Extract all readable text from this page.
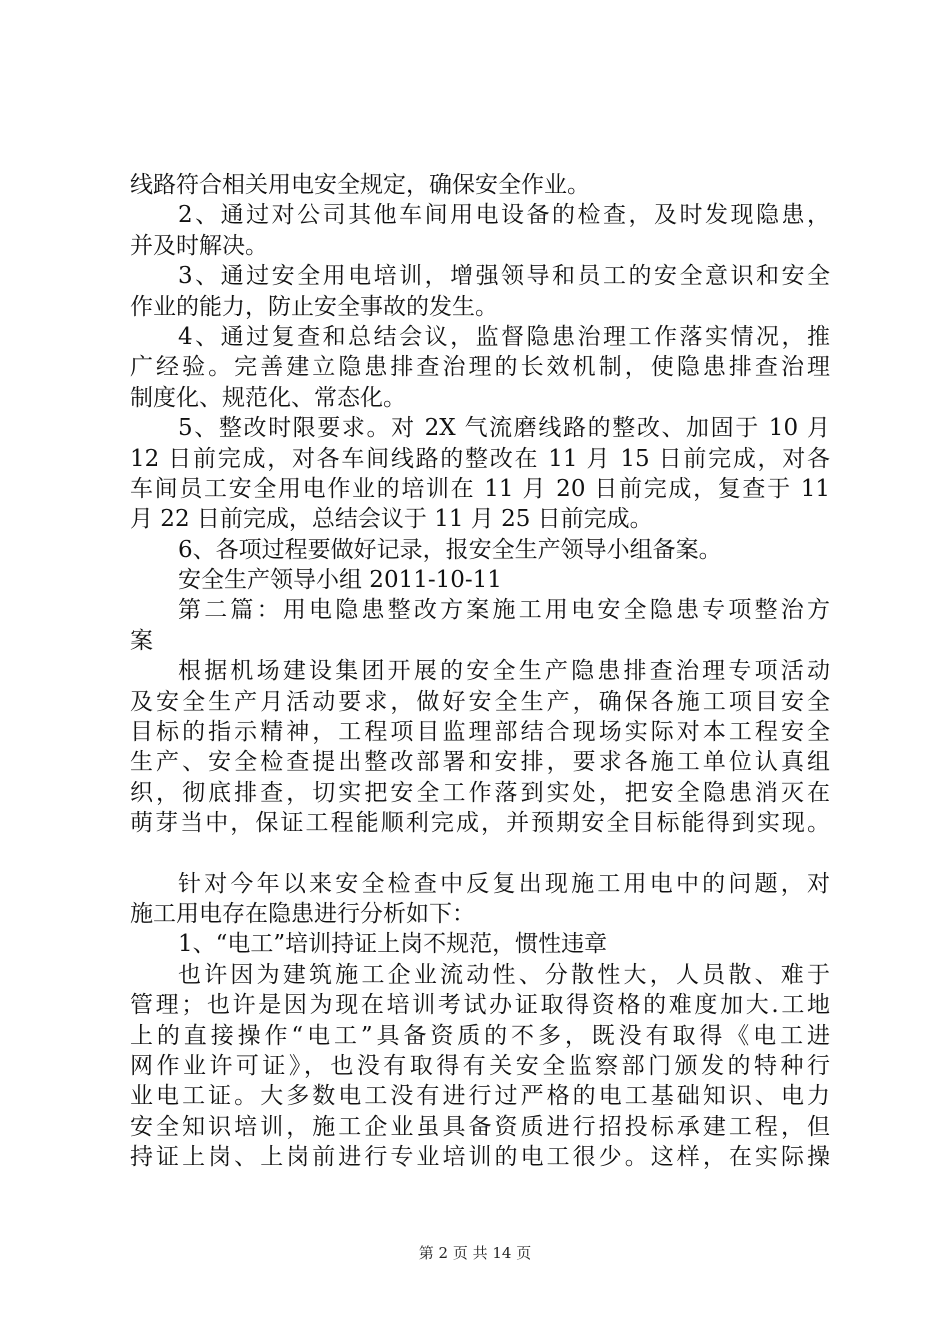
线路符合相关用电安全规定，确保安全作业。
2、通过对公司其他车间用电设备的检查，及时发现隐患，
并及时解决。
3、通过安全用电培训，增强领导和员工的安全意识和安全
作业的能力，防止安全事故的发生。
4、通过复查和总结会议，监督隐患治理工作落实情况，推
广经验。完善建立隐患排查治理的长效机制，使隐患排查治理
制度化、规范化、常态化。
5、整改时限要求。对 2X 气流磨线路的整改、加固于 10 月
12 日前完成，对各车间线路的整改在 11 月 15 日前完成，对各
车间员工安全用电作业的培训在 11 月 20 日前完成，复查于 11
月 22 日前完成，总结会议于 11 月 25 日前完成。
6、各项过程要做好记录，报安全生产领导小组备案。
安全生产领导小组 2011-10-11
第二篇：用电隐患整改方案施工用电安全隐患专项整治方
案
根据机场建设集团开展的安全生产隐患排查治理专项活动
及安全生产月活动要求，做好安全生产，确保各施工项目安全
目标的指示精神，工程项目监理部结合现场实际对本工程安全
生产、安全检查提出整改部署和安排，要求各施工单位认真组
织，彻底排查，切实把安全工作落到实处，把安全隐患消灭在
萌芽当中，保证工程能顺利完成，并预期安全目标能得到实现。
针对今年以来安全检查中反复出现施工用电中的问题，对
施工用电存在隐患进行分析如下：
1、“电工”培训持证上岗不规范，惯性违章
也许因为建筑施工企业流动性、分散性大，人员散、难于
管理；也许是因为现在培训考试办证取得资格的难度加大.工地
上的直接操作“电工”具备资质的不多，既没有取得《电工进
网作业许可证》，也没有取得有关安全监察部门颁发的特种行
业电工证。大多数电工没有进行过严格的电工基础知识、电力
安全知识培训，施工企业虽具备资质进行招投标承建工程，但
持证上岗、上岗前进行专业培训的电工很少。这样，在实际操
第 2 页 共 14 页
